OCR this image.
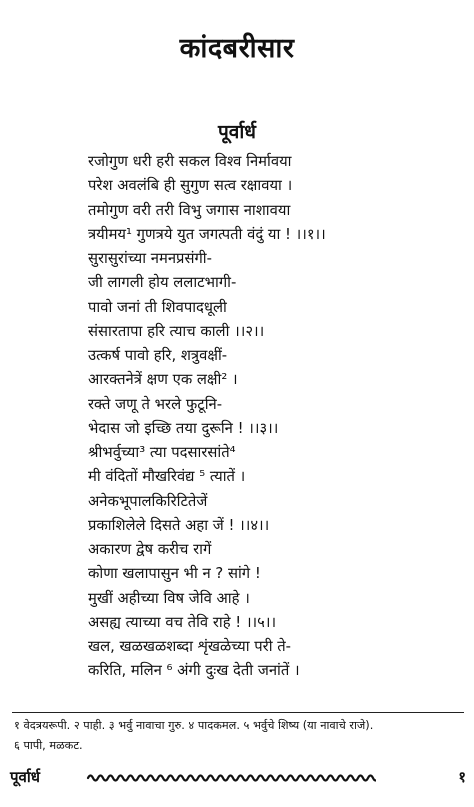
कांदबरीसार
पूर्वार्ध
रजोगुण धरी हरी सकल विश्व निर्मावया
परेश अवलंबि ही सुगुण सत्व रक्षावया ।
तमोगुण वरी तरी विभु जगास नाशावया
त्रयीमय¹ गुणत्रये युत जगत्पती वंदुं या ! ।।१।।
सुरासुरांच्या नमनप्रसंगी-
जी लागली होय ललाटभागी-
पावो जनां ती शिवपादधूली
संसारतापा हरि त्याच काली ।।२।।
उत्कर्ष पावो हरि, शत्रुवक्षीं-
आरक्तनेत्रें क्षण एक लक्षी² ।
रक्ते जणू ते भरले फुटूनि-
भेदास जो इच्छि तया दुरूनि ! ।।३।।
श्रीभर्वुच्या³ त्या पदसारसांते⁴
मी वंदितों मौखरिवंद्य ⁵ त्यातें ।
अनेकभूपालकिरिटितेजें
प्रकाशिलेले दिसते अहा जें ! ।।४।।
अकारण द्वेष करीच रागें
कोणा खलापासुन भी न ? सांगे !
मुखीं अहीच्या विष जेवि आहे ।
असह्य त्याच्या वच तेवि राहे ! ।।५।।
खल, खळखळशब्दा शृंखळेच्या परी ते-
करिति, मलिन ⁶ अंगी दुःख देती जनांतें ।
१ वेदत्रयरूपी. २ पाही. ३ भर्वु नावाचा गुरु. ४ पादकमल. ५ भर्वुचे शिष्य (या नावाचे राजे).
६ पापी, मळकट.
पूर्वार्ध	१
